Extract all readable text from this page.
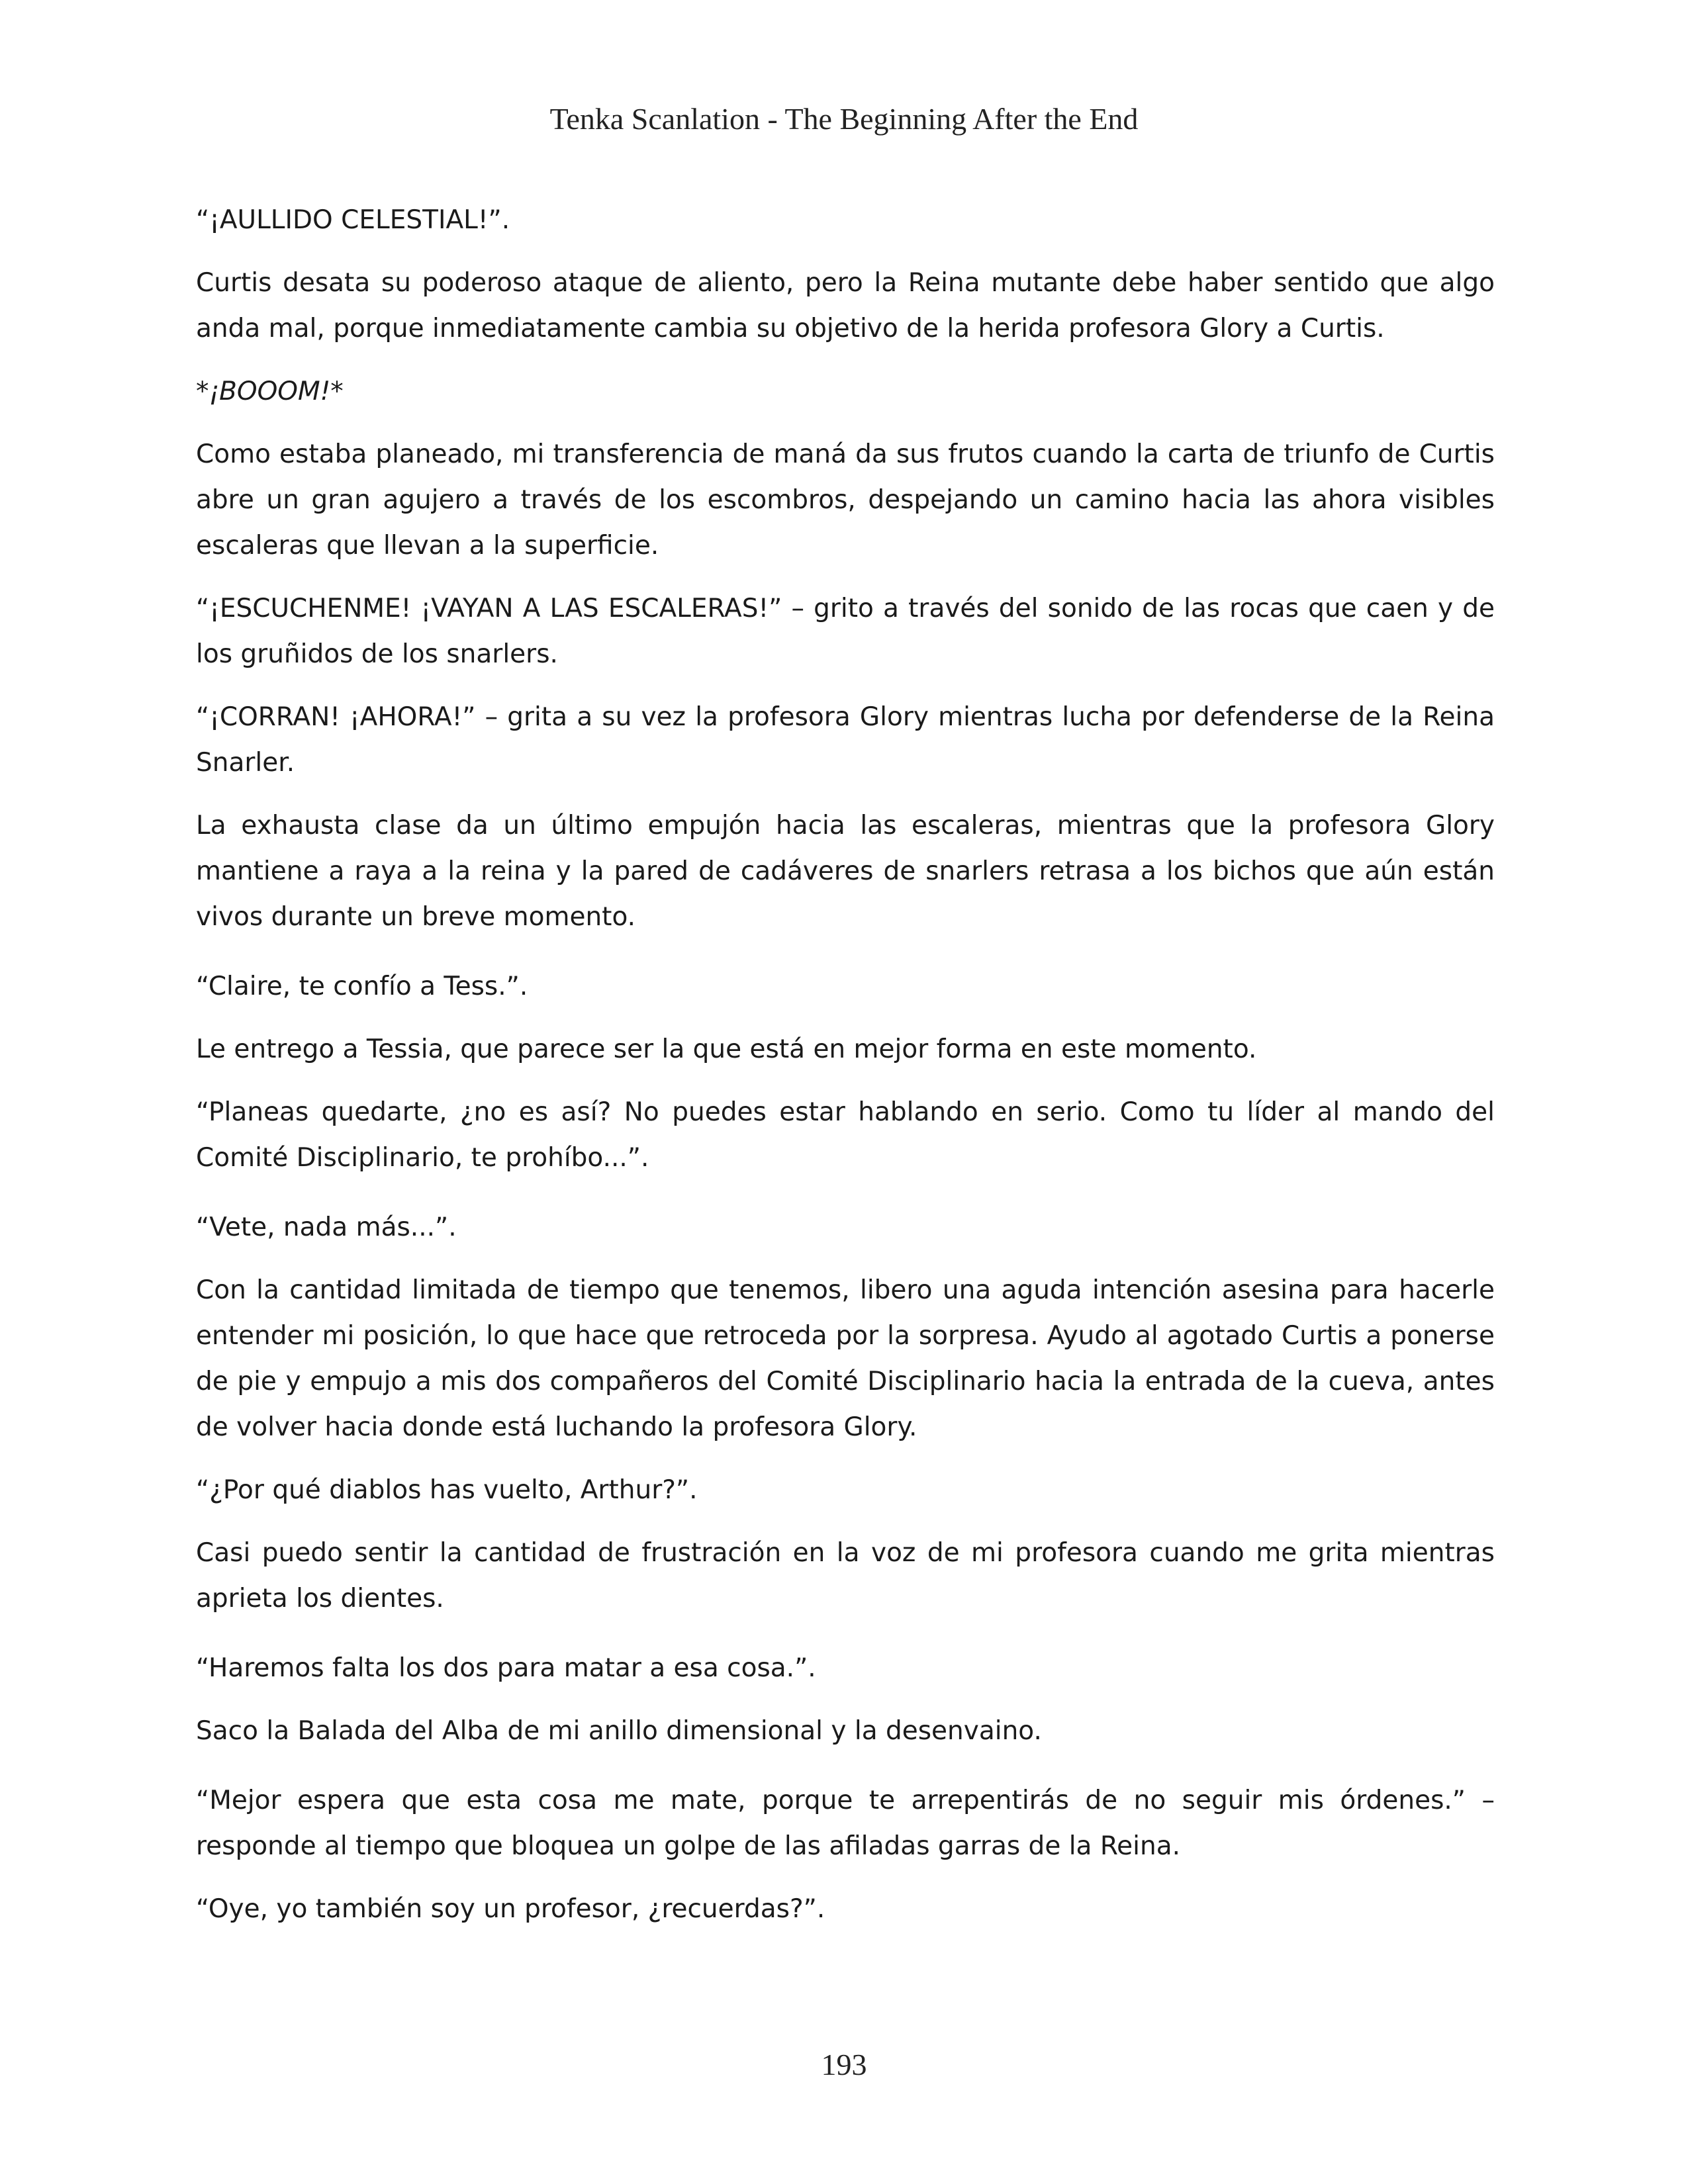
Tenka Scanlation - The Beginning After the End

“¡AULLIDO CELESTIAL!”.

Curtis desata su poderoso ataque de aliento, pero la Reina mutante debe haber sentido que algo anda mal, porque inmediatamente cambia su objetivo de la herida profesora Glory a Curtis.

*¡BOOOM!*

Como estaba planeado, mi transferencia de maná da sus frutos cuando la carta de triunfo de Curtis abre un gran agujero a través de los escombros, despejando un camino hacia las ahora visibles escaleras que llevan a la superficie.

“¡ESCUCHENME! ¡VAYAN A LAS ESCALERAS!” – grito a través del sonido de las rocas que caen y de los gruñidos de los snarlers.

“¡CORRAN! ¡AHORA!” – grita a su vez la profesora Glory mientras lucha por defenderse de la Reina Snarler.

La exhausta clase da un último empujón hacia las escaleras, mientras que la profesora Glory mantiene a raya a la reina y la pared de cadáveres de snarlers retrasa a los bichos que aún están vivos durante un breve momento.

“Claire, te confío a Tess.”.

Le entrego a Tessia, que parece ser la que está en mejor forma en este momento.

“Planeas quedarte, ¿no es así? No puedes estar hablando en serio. Como tu líder al mando del Comité Disciplinario, te prohíbo...”.

“Vete, nada más...”.

Con la cantidad limitada de tiempo que tenemos, libero una aguda intención asesina para hacerle entender mi posición, lo que hace que retroceda por la sorpresa. Ayudo al agotado Curtis a ponerse de pie y empujo a mis dos compañeros del Comité Disciplinario hacia la entrada de la cueva, antes de volver hacia donde está luchando la profesora Glory.

“¿Por qué diablos has vuelto, Arthur?”.

Casi puedo sentir la cantidad de frustración en la voz de mi profesora cuando me grita mientras aprieta los dientes.

“Haremos falta los dos para matar a esa cosa.”.

Saco la Balada del Alba de mi anillo dimensional y la desenvaino.

“Mejor espera que esta cosa me mate, porque te arrepentirás de no seguir mis órdenes.” – responde al tiempo que bloquea un golpe de las afiladas garras de la Reina.

“Oye, yo también soy un profesor, ¿recuerdas?”.

193
